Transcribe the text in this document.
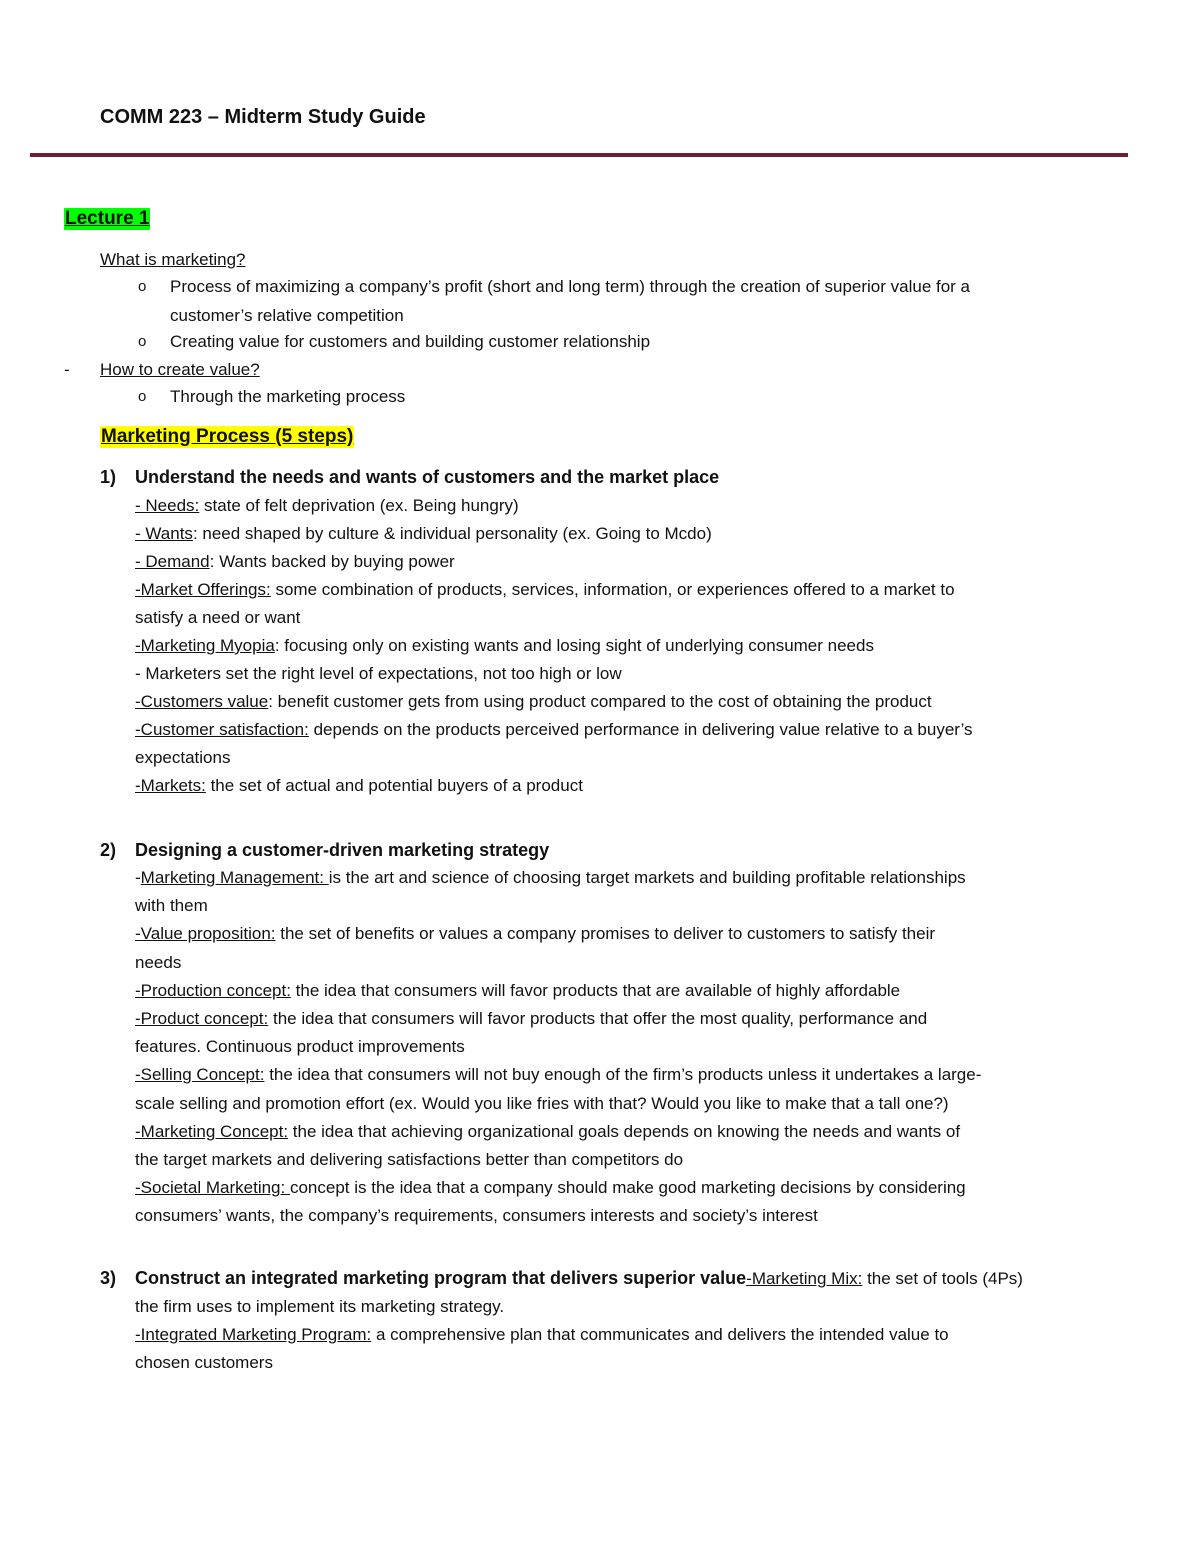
COMM 223 – Midterm Study Guide
Lecture 1
What is marketing?
o Process of maximizing a company’s profit (short and long term) through the creation of superior value for a
customer’s relative competition
o Creating value for customers and building customer relationship
- How to create value?
o Through the marketing process
Marketing Process (5 steps)
1) Understand the needs and wants of customers and the market place
- Needs: state of felt deprivation (ex. Being hungry)
- Wants: need shaped by culture & individual personality (ex. Going to Mcdo)
- Demand: Wants backed by buying power
-Market Offerings: some combination of products, services, information, or experiences offered to a market to
satisfy a need or want
-Marketing Myopia: focusing only on existing wants and losing sight of underlying consumer needs
- Marketers set the right level of expectations, not too high or low
-Customers value: benefit customer gets from using product compared to the cost of obtaining the product
-Customer satisfaction: depends on the products perceived performance in delivering value relative to a buyer’s
expectations
-Markets: the set of actual and potential buyers of a product
2) Designing a customer-driven marketing strategy
-Marketing Management: is the art and science of choosing target markets and building profitable relationships
with them
-Value proposition: the set of benefits or values a company promises to deliver to customers to satisfy their
needs
-Production concept: the idea that consumers will favor products that are available of highly affordable
-Product concept: the idea that consumers will favor products that offer the most quality, performance and
features. Continuous product improvements
-Selling Concept: the idea that consumers will not buy enough of the firm’s products unless it undertakes a large-
scale selling and promotion effort (ex. Would you like fries with that? Would you like to make that a tall one?)
-Marketing Concept: the idea that achieving organizational goals depends on knowing the needs and wants of
the target markets and delivering satisfactions better than competitors do
-Societal Marketing: concept is the idea that a company should make good marketing decisions by considering
consumers’ wants, the company’s requirements, consumers interests and society’s interest
3) Construct an integrated marketing program that delivers superior value-Marketing Mix: the set of tools (4Ps)
the firm uses to implement its marketing strategy.
-Integrated Marketing Program: a comprehensive plan that communicates and delivers the intended value to
chosen customers
